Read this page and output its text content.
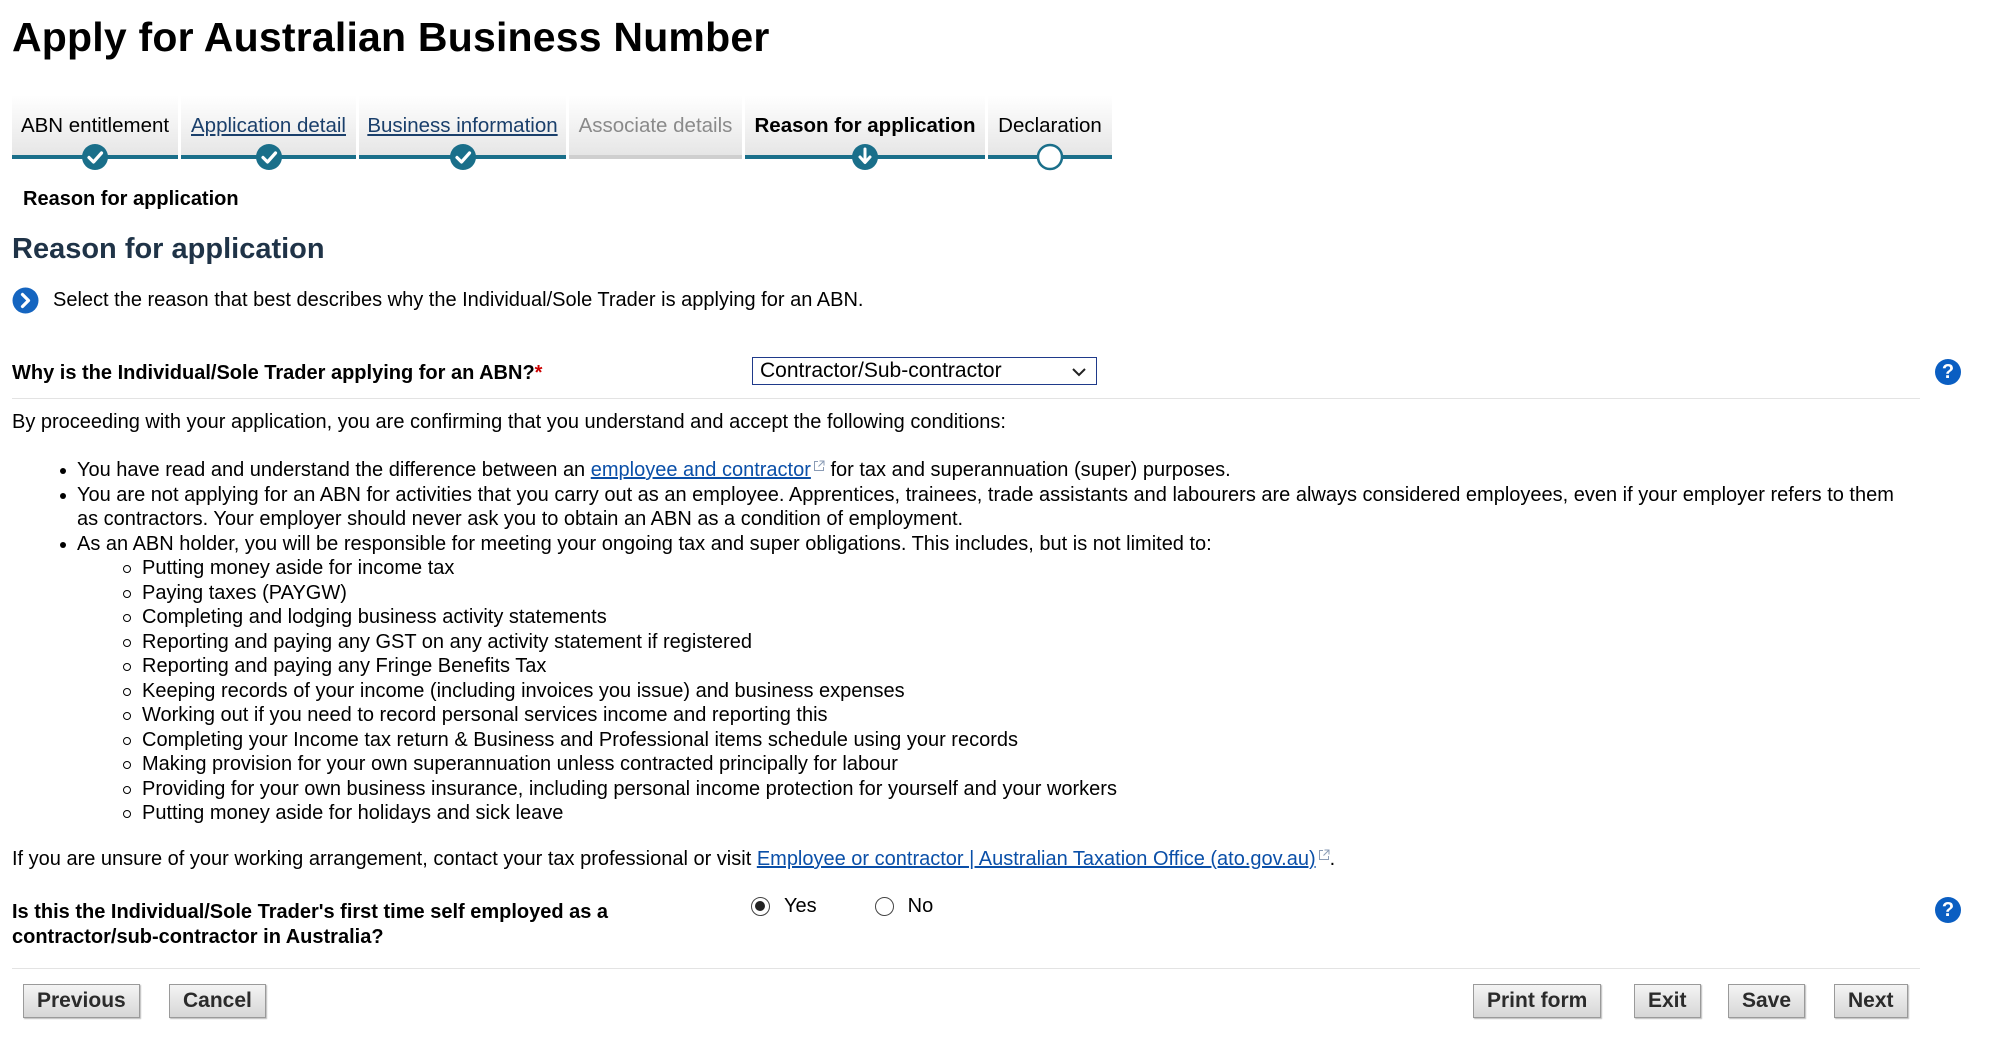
Apply for Australian Business Number
ABN entitlement	Application detail	Business information	Associate details	Reason for application	Declaration
Reason for application
Reason for application
Select the reason that best describes why the Individual/Sole Trader is applying for an ABN.
Why is the Individual/Sole Trader applying for an ABN?*	Contractor/Sub-contractor	?
By proceeding with your application, you are confirming that you understand and accept the following conditions:
You have read and understand the difference between an employee and contractor for tax and superannuation (super) purposes.
You are not applying for an ABN for activities that you carry out as an employee. Apprentices, trainees, trade assistants and labourers are always considered employees, even if your employer refers to them as contractors. Your employer should never ask you to obtain an ABN as a condition of employment.
As an ABN holder, you will be responsible for meeting your ongoing tax and super obligations. This includes, but is not limited to:
Putting money aside for income tax
Paying taxes (PAYGW)
Completing and lodging business activity statements
Reporting and paying any GST on any activity statement if registered
Reporting and paying any Fringe Benefits Tax
Keeping records of your income (including invoices you issue) and business expenses
Working out if you need to record personal services income and reporting this
Completing your Income tax return & Business and Professional items schedule using your records
Making provision for your own superannuation unless contracted principally for labour
Providing for your own business insurance, including personal income protection for yourself and your workers
Putting money aside for holidays and sick leave
If you are unsure of your working arrangement, contact your tax professional or visit Employee or contractor | Australian Taxation Office (ato.gov.au) .
Is this the Individual/Sole Trader's first time self employed as a
contractor/sub-contractor in Australia?
Yes	No	?
Previous	Cancel	Print form	Exit	Save	Next
